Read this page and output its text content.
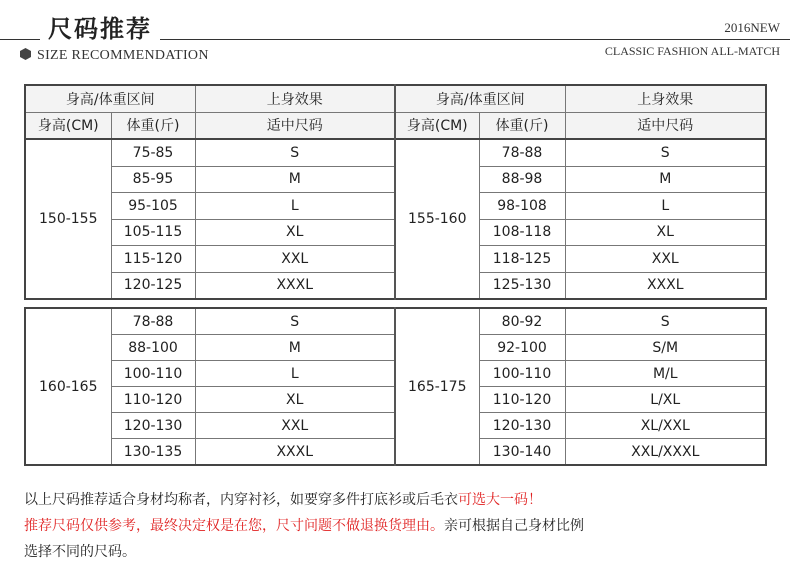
尺码推荐	2016NEW
CLASSIC FASHION ALL-MATCH
SIZE RECOMMENDATION
身高/体重区间		上身效果	身高/体重区间		上身效果
身高(CM)	体重(斤)	适中尺码	身高(CM)	体重(斤)	适中尺码
150-155	75-85	S	155-160	78-88	S
	85-95	M		88-98	M
	95-105	L		98-108	L
	105-115	XL		108-118	XL
	115-120	XXL		118-125	XXL
	120-125	XXXL		125-130	XXXL
160-165	78-88	S	165-175	80-92	S
	88-100	M		92-100	S/M
	100-110	L		100-110	M/L
	110-120	XL		110-120	L/XL
	120-130	XXL		120-130	XL/XXL
	130-135	XXXL		130-140	XXL/XXXL
以上尺码推荐适合身材均称者，内穿衬衫，如要穿多件打底衫或后毛衣可选大一码！
推荐尺码仅供参考，最终决定权是在您，尺寸问题不做退换货理由。亲可根据自己身材比例
选择不同的尺码。
